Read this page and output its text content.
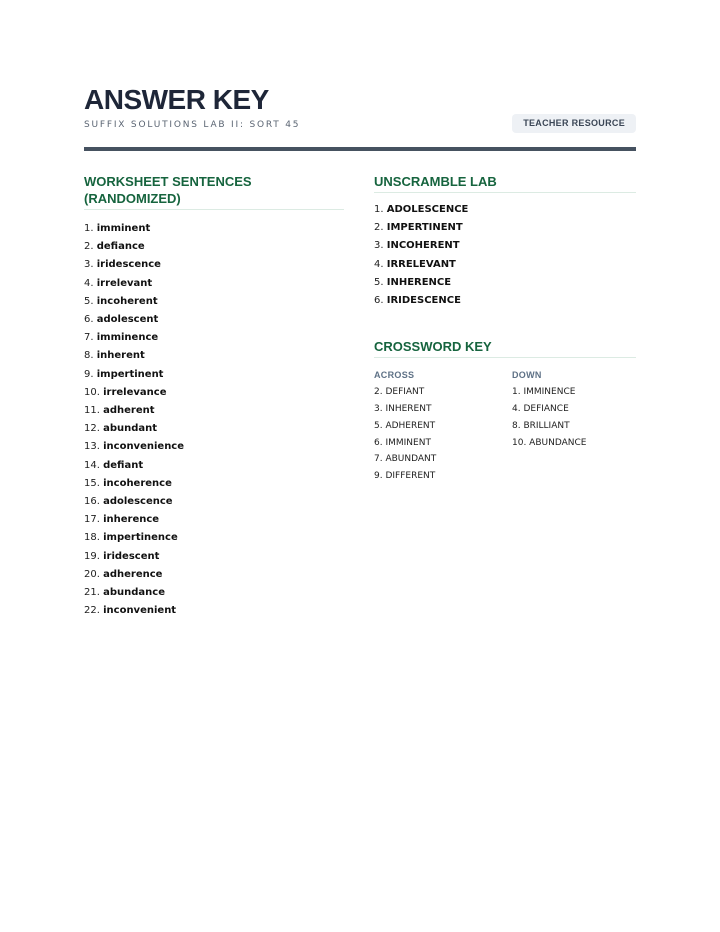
ANSWER KEY
SUFFIX SOLUTIONS LAB II: SORT 45	TEACHER RESOURCE
WORKSHEET SENTENCES (RANDOMIZED)
1. imminent
2. defiance
3. iridescence
4. irrelevant
5. incoherent
6. adolescent
7. imminence
8. inherent
9. impertinent
10. irrelevance
11. adherent
12. abundant
13. inconvenience
14. defiant
15. incoherence
16. adolescence
17. inherence
18. impertinence
19. iridescent
20. adherence
21. abundance
22. inconvenient
UNSCRAMBLE LAB
1. ADOLESCENCE
2. IMPERTINENT
3. INCOHERENT
4. IRRELEVANT
5. INHERENCE
6. IRIDESCENCE
CROSSWORD KEY
ACROSS
2. DEFIANT
3. INHERENT
5. ADHERENT
6. IMMINENT
7. ABUNDANT
9. DIFFERENT
DOWN
1. IMMINENCE
4. DEFIANCE
8. BRILLIANT
10. ABUNDANCE
